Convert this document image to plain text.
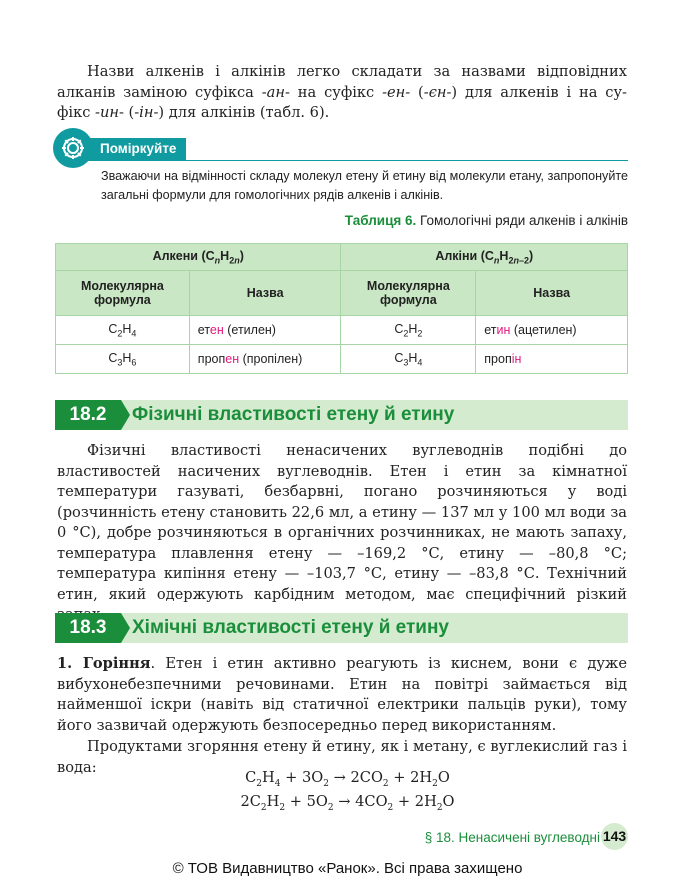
Назви алкенів і алкінів легко складати за назвами відповідних
алканів заміною суфікса -ан- на суфікс -ен- (-єн-) для алкенів і на су-
фікс -ин- (-ін-) для алкінів (табл. 6).
Поміркуйте
Зважаючи на відмінності складу молекул етену й етину від молекули етану, запропонуйте загальні формули для гомологічних рядів алкенів і алкінів.
Таблиця 6. Гомологічні ряди алкенів і алкінів
Алкени $(C_nH_{2n})$		Алкіни $(C_nH_{2n-2})$	
Молекулярна формула	Назва	Молекулярна формула	Назва
$C_2H_4$	етен (етилен)	$C_2H_2$	етин (ацетилен)
$C_3H_6$	пропен (пропілен)	$C_3H_4$	пропін
18.2	Фізичні властивості етену й етину
Фізичні властивості ненасичених вуглеводнів подібні до властивостей насичених вуглеводнів. Етен і етин за кімнатної температури газуваті, безбарвні, погано розчиняються у воді (розчинність етену становить 22,6 мл, а етину — 137 мл у 100 мл води за 0 °С), добре розчиняються в органічних розчинниках, не мають запаху, температура плавлення етену — –169,2 °С, етину — –80,8 °С; температура кипіння етену — –103,7 °С, етину — –83,8 °С. Технічний етин, який одержують карбідним методом, має специфічний різкий
18.3	Хімічні властивості етену й етину
1. Горіння. Етен і етин активно реагують із киснем, вони є дуже вибухонебезпечними речовинами. Етин на повітрі займається від найменшої іскри (навіть від статичної електрики пальців руки), тому його зазвичай одержують безпосередньо перед використанням.
Продуктами згоряння етену й етину, як і метану, є вуглекислий газ і вода:
$C_2H_4 + 3O_2 \to 2CO_2 + 2H_2O$
$2C_2H_2 + 5O_2 \to 4CO_2 + 2H_2O$
§ 18. Ненасичені вуглеводні 143
© ТОВ Видавництво «Ранок». Всі права захищено
